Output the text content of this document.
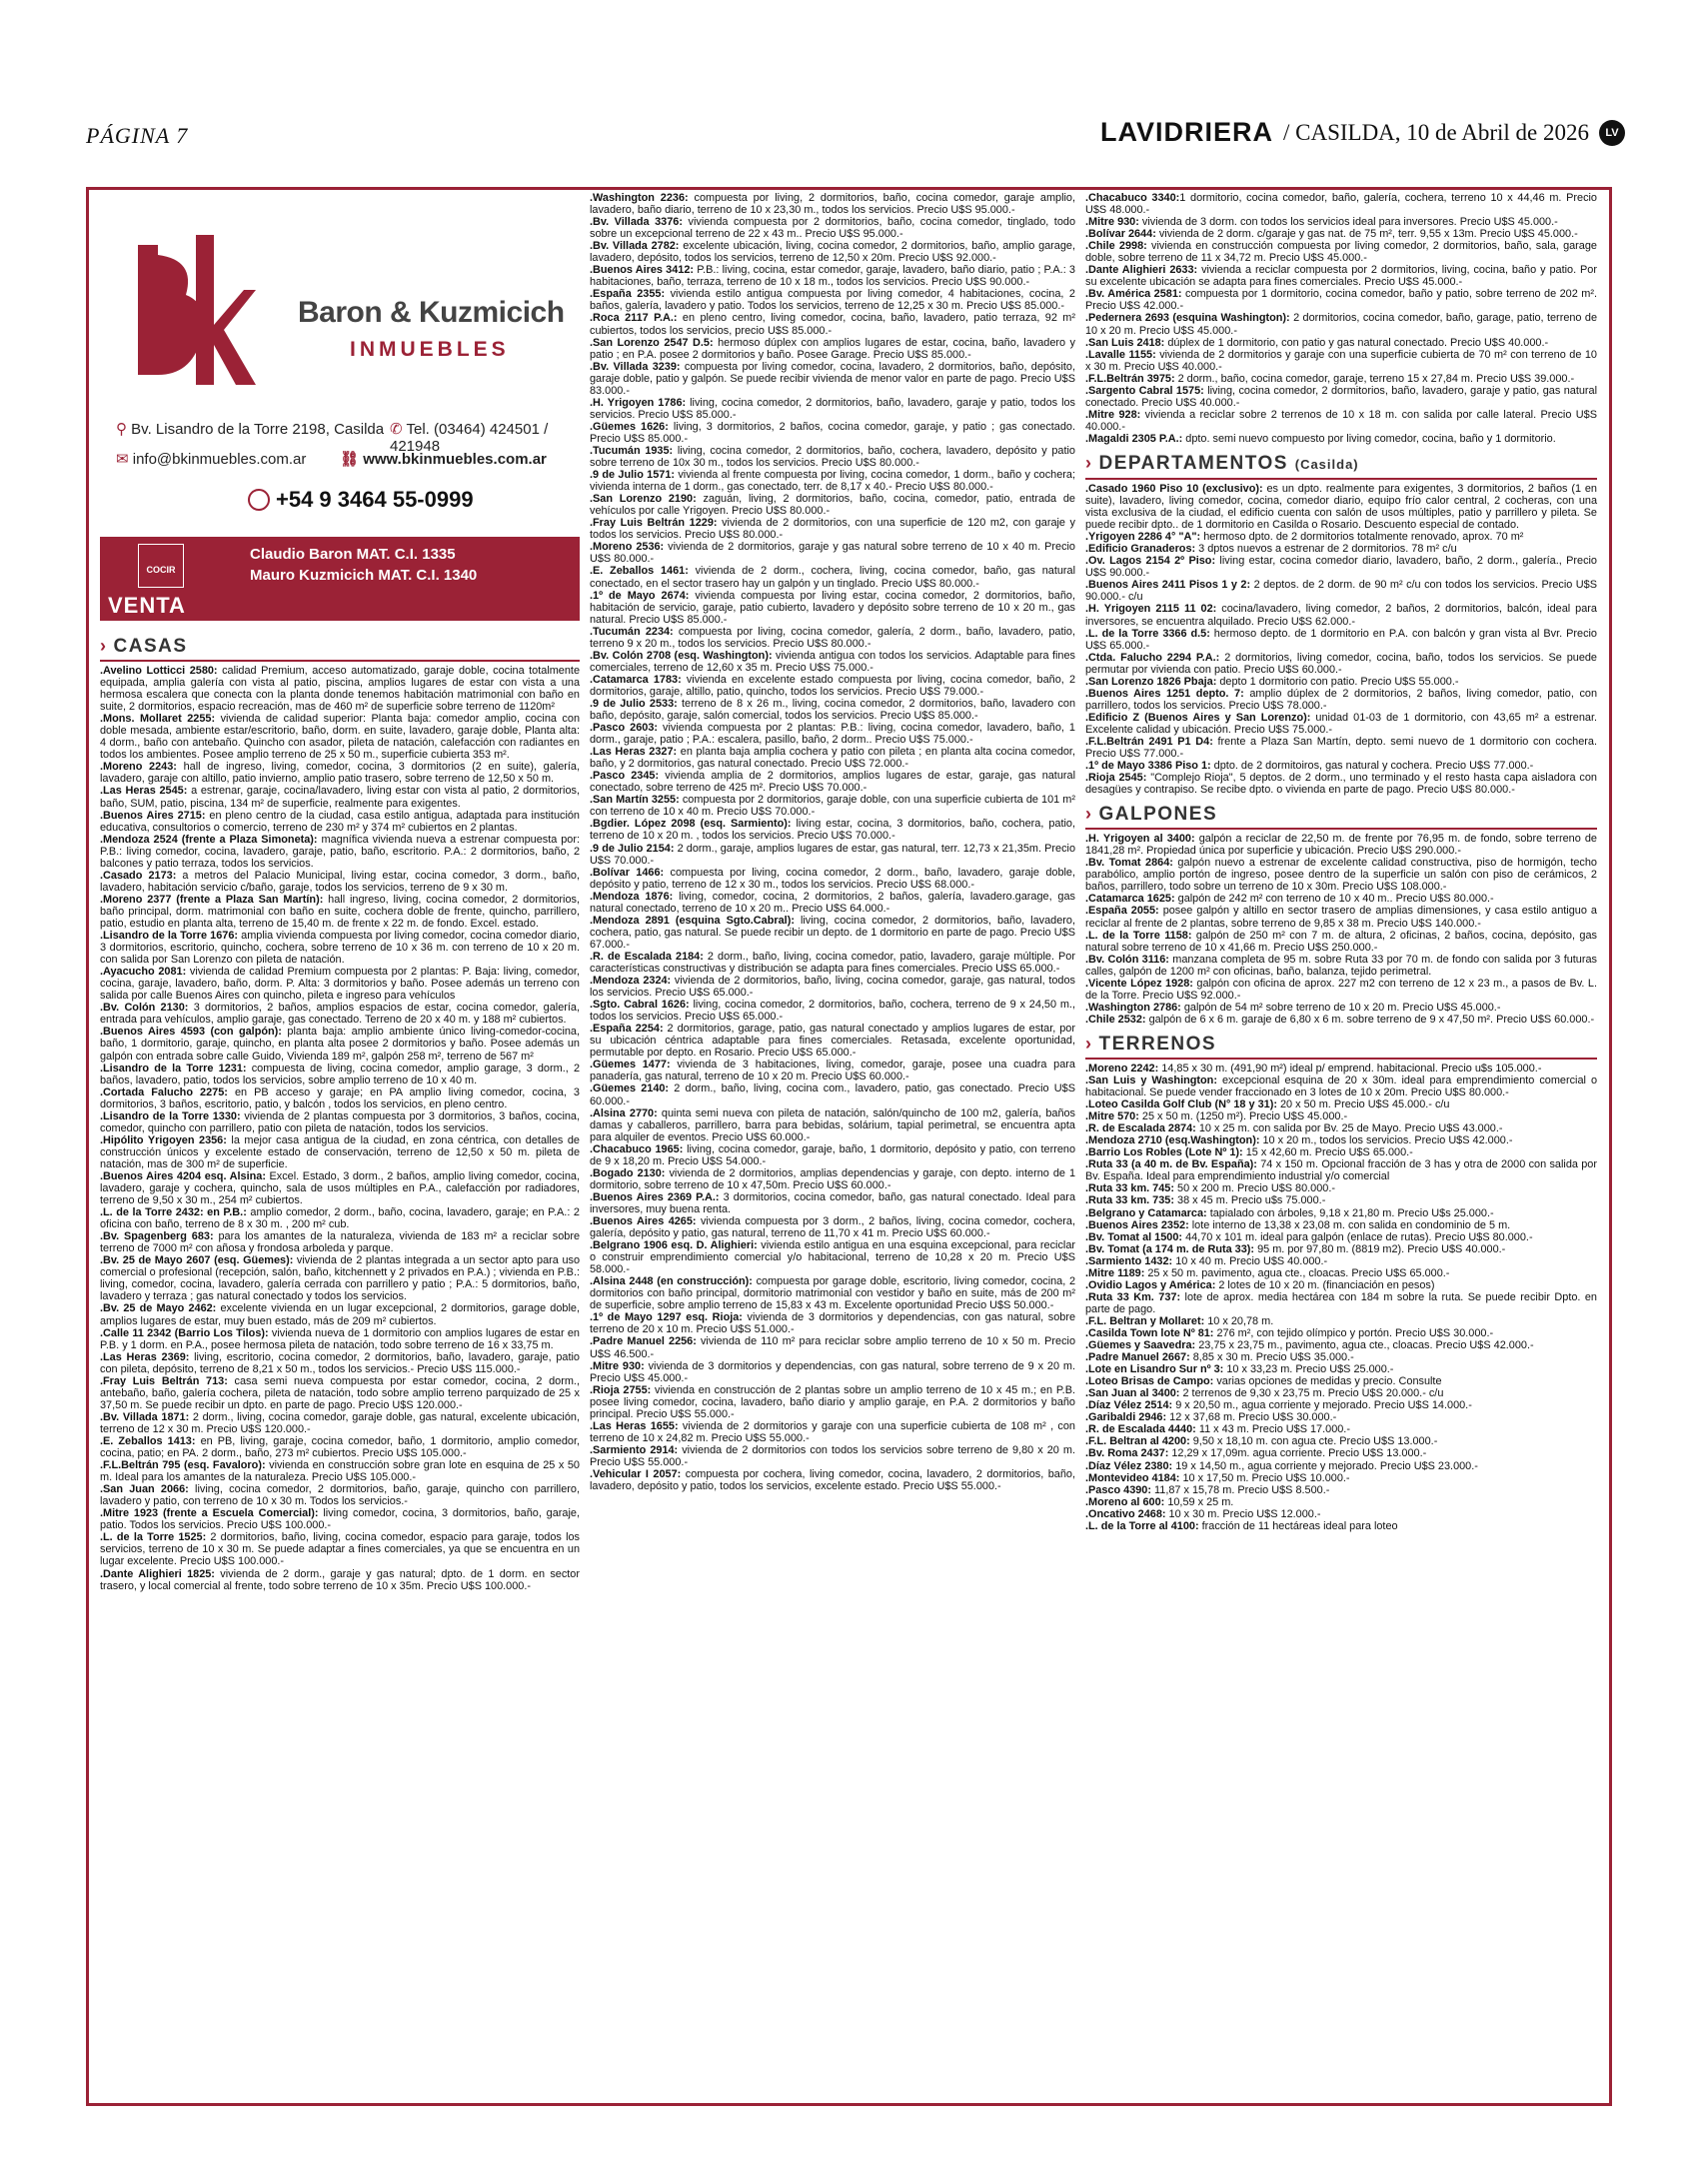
PÁGINA 7	LAVIDRIERA / CASILDA, 10 de Abril de 2026	LV
Baron & Kuzmicich
INMUEBLES
⚲ Bv. Lisandro de la Torre 2198, Casilda ✆ Tel. (03464) 424501 / 421948
✉ info@bkinmuebles.com.ar ⛓ www.bkinmuebles.com.ar
+54 9 3464 55-0999
COCIR
Claudio Baron MAT. C.I. 1335
Mauro Kuzmicich MAT. C.I. 1340
VENTA
› CASAS

.Avelino Lotticci 2580: calidad Premium, acceso automatizado, garaje doble, cocina totalmente equipada, amplia galería con vista al patio, piscina, amplios lugares de estar con vista a una hermosa escalera que conecta con la planta donde tenemos habitación matrimonial con baño en suite, 2 dormitorios, espacio recreación, mas de 460 m² de superficie sobre terreno de 1120m²

.Mons. Mollaret 2255: vivienda de calidad superior: Planta baja: comedor amplio, cocina con doble mesada, ambiente estar/escritorio, baño, dorm. en suite, lavadero, garaje doble, Planta alta: 4 dorm., baño con antebaño. Quincho con asador, pileta de natación, calefacción con radiantes en todos los ambientes. Posee amplio terreno de 25 x 50 m., superficie cubierta 353 m².

.Moreno 2243: hall de ingreso, living, comedor, cocina, 3 dormitorios (2 en suite), galería, lavadero, garaje con altillo, patio invierno, amplio patio trasero, sobre terreno de 12,50 x 50 m.

.Las Heras 2545: a estrenar, garaje, cocina/lavadero, living estar con vista al patio, 2 dormitorios, baño, SUM, patio, piscina, 134 m² de superficie, realmente para exigentes.

.Buenos Aires 2715: en pleno centro de la ciudad, casa estilo antigua, adaptada para institución educativa, consultorios o comercio, terreno de 230 m² y 374 m² cubiertos en 2 plantas.

.Mendoza 2524 (frente a Plaza Simoneta): magnífica vivienda nueva a estrenar compuesta por: P.B.: living comedor, cocina, lavadero, garaje, patio, baño, escritorio. P.A.: 2 dormitorios, baño, 2 balcones y patio terraza, todos los servicios.

.Casado 2173: a metros del Palacio Municipal, living estar, cocina comedor, 3 dorm., baño, lavadero, habitación servicio c/baño, garaje, todos los servicios, terreno de 9 x 30 m.

.Moreno 2377 (frente a Plaza San Martín): hall ingreso, living, cocina comedor, 2 dormitorios, baño principal, dorm. matrimonial con baño en suite, cochera doble de frente, quincho, parrillero, patio, estudio en planta alta, terreno de 15,40 m. de frente x 22 m. de fondo. Excel. estado.

.Lisandro de la Torre 1676: amplia vivienda compuesta por living comedor, cocina comedor diario, 3 dormitorios, escritorio, quincho, cochera, sobre terreno de 10 x 36 m. con terreno de 10 x 20 m. con salida por San Lorenzo con pileta de natación.

.Ayacucho 2081: vivienda de calidad Premium compuesta por 2 plantas: P. Baja: living, comedor, cocina, garaje, lavadero, baño, dorm. P. Alta: 3 dormitorios y baño. Posee además un terreno con salida por calle Buenos Aires con quincho, pileta e ingreso para vehículos

.Bv. Colón 2130: 3 dormitorios, 2 baños, amplios espacios de estar, cocina comedor, galería, entrada para vehículos, amplio garaje, gas conectado. Terreno de 20 x 40 m. y 188 m² cubiertos.

.Buenos Aires 4593 (con galpón): planta baja: amplio ambiente único living-comedor-cocina, baño, 1 dormitorio, garaje, quincho, en planta alta posee 2 dormitorios y baño. Posee además un galpón con entrada sobre calle Guido, Vivienda 189 m², galpón 258 m², terreno de 567 m²

.Lisandro de la Torre 1231: compuesta de living, cocina comedor, amplio garage, 3 dorm., 2 baños, lavadero, patio, todos los servicios, sobre amplio terreno de 10 x 40 m.

.Cortada Falucho 2275: en PB acceso y garaje; en PA amplio living comedor, cocina, 3 dormitorios, 3 baños, escritorio, patio, y balcón , todos los servicios, en pleno centro.

.Lisandro de la Torre 1330: vivienda de 2 plantas compuesta por 3 dormitorios, 3 baños, cocina, comedor, quincho con parrillero, patio con pileta de natación, todos los servicios.

.Hipólito Yrigoyen 2356: la mejor casa antigua de la ciudad, en zona céntrica, con detalles de construcción únicos y excelente estado de conservación, terreno de 12,50 x 50 m. pileta de natación, mas de 300 m² de superficie.

.Buenos Aires 4204 esq. Alsina: Excel. Estado, 3 dorm., 2 baños, amplio living comedor, cocina, lavadero, garaje y cochera, quincho, sala de usos múltiples en P.A., calefacción por radiadores, terreno de 9,50 x 30 m., 254 m² cubiertos.

.L. de la Torre 2432: en P.B.: amplio comedor, 2 dorm., baño, cocina, lavadero, garaje; en P.A.: 2 oficina con baño, terreno de 8 x 30 m. , 200 m² cub.

.Bv. Spagenberg 683: para los amantes de la naturaleza, vivienda de 183 m² a reciclar sobre terreno de 7000 m² con añosa y frondosa arboleda y parque.

.Bv. 25 de Mayo 2607 (esq. Güemes): vivienda de 2 plantas integrada a un sector apto para uso comercial o profesional (recepción, salón, baño, kitchennett y 2 privados en P.A.) ; vivienda en P.B.: living, comedor, cocina, lavadero, galería cerrada con parrillero y patio ; P.A.: 5 dormitorios, baño, lavadero y terraza ; gas natural conectado y todos los servicios.

.Bv. 25 de Mayo 2462: excelente vivienda en un lugar excepcional, 2 dormitorios, garage doble, amplios lugares de estar, muy buen estado, más de 209 m² cubiertos.

.Calle 11 2342 (Barrio Los Tilos): vivienda nueva de 1 dormitorio con amplios lugares de estar en P.B. y 1 dorm. en P.A., posee hermosa pileta de natación, todo sobre terreno de 16 x 33,75 m.

.Las Heras 2369: living, escritorio, cocina comedor, 2 dormitorios, baño, lavadero, garaje, patio con pileta, depósito, terreno de 8,21 x 50 m., todos los servicios.- Precio U$S 115.000.-

.Fray Luis Beltrán 713: casa semi nueva compuesta por estar comedor, cocina, 2 dorm., antebaño, baño, galería cochera, pileta de natación, todo sobre amplio terreno parquizado de 25 x 37,50 m. Se puede recibir un dpto. en parte de pago. Precio U$S 120.000.-

.Bv. Villada 1871: 2 dorm., living, cocina comedor, garaje doble, gas natural, excelente ubicación, terreno de 12 x 30 m. Precio U$S 120.000.-

.E. Zeballos 1413: en PB, living, garaje, cocina comedor, baño, 1 dormitorio, amplio comedor, cocina, patio; en PA. 2 dorm., baño, 273 m² cubiertos. Precio U$S 105.000.-

.F.L.Beltrán 795 (esq. Favaloro): vivienda en construcción sobre gran lote en esquina de 25 x 50 m. Ideal para los amantes de la naturaleza. Precio U$S 105.000.-

.San Juan 2066: living, cocina comedor, 2 dormitorios, baño, garaje, quincho con parrillero, lavadero y patio, con terreno de 10 x 30 m. Todos los servicios.-

.Mitre 1923 (frente a Escuela Comercial): living comedor, cocina, 3 dormitorios, baño, garaje, patio. Todos los servicios. Precio U$S 100.000.-

.L. de la Torre 1525: 2 dormitorios, baño, living, cocina comedor, espacio para garaje, todos los servicios, terreno de 10 x 30 m. Se puede adaptar a fines comerciales, ya que se encuentra en un lugar excelente. Precio U$S 100.000.-

.Dante Alighieri 1825: vivienda de 2 dorm., garaje y gas natural; dpto. de 1 dorm. en sector trasero, y local comercial al frente, todo sobre terreno de 10 x 35m. Precio U$S 100.000.-

.Washington 2236: compuesta por living, 2 dormitorios, baño, cocina comedor, garaje amplio, lavadero, baño diario, terreno de 10 x 23,30 m., todos los servicios. Precio U$S 95.000.-

.Bv. Villada 3376: vivienda compuesta por 2 dormitorios, baño, cocina comedor, tinglado, todo sobre un excepcional terreno de 22 x 43 m.. Precio U$S 95.000.-

.Bv. Villada 2782: excelente ubicación, living, cocina comedor, 2 dormitorios, baño, amplio garage, lavadero, depósito, todos los servicios, terreno de 12,50 x 20m. Precio U$S 92.000.-

.Buenos Aires 3412: P.B.: living, cocina, estar comedor, garaje, lavadero, baño diario, patio ; P.A.: 3 habitaciones, baño, terraza, terreno de 10 x 18 m., todos los servicios. Precio U$S 90.000.-

.España 2355: vivienda estilo antigua compuesta por living comedor, 4 habitaciones, cocina, 2 baños, galería, lavadero y patio. Todos los servicios, terreno de 12,25 x 30 m. Precio U$S 85.000.-

.Roca 2117 P.A.: en pleno centro, living comedor, cocina, baño, lavadero, patio terraza, 92 m² cubiertos, todos los servicios, precio U$S 85.000.-

.San Lorenzo 2547 D.5: hermoso dúplex con amplios lugares de estar, cocina, baño, lavadero y patio ; en P.A. posee 2 dormitorios y baño. Posee Garage. Precio U$S 85.000.-

.Bv. Villada 3239: compuesta por living comedor, cocina, lavadero, 2 dormitorios, baño, depósito, garaje doble, patio y galpón. Se puede recibir vivienda de menor valor en parte de pago. Precio U$S 83.000.-

.H. Yrigoyen 1786: living, cocina comedor, 2 dormitorios, baño, lavadero, garaje y patio, todos los servicios. Precio U$S 85.000.-

.Güemes 1626: living, 3 dormitorios, 2 baños, cocina comedor, garaje, y patio ; gas conectado. Precio U$S 85.000.-

.Tucumán 1935: living, cocina comedor, 2 dormitorios, baño, cochera, lavadero, depósito y patio sobre terreno de 10x 30 m., todos los servicios. Precio U$S 80.000.-

.9 de Julio 1571: vivienda al frente compuesta por living, cocina comedor, 1 dorm., baño y cochera; vivienda interna de 1 dorm., gas conectado, terr. de 8,17 x 40.- Precio U$S 80.000.-

.San Lorenzo 2190: zaguán, living, 2 dormitorios, baño, cocina, comedor, patio, entrada de vehículos por calle Yrigoyen. Precio U$S 80.000.-

.Fray Luis Beltrán 1229: vivienda de 2 dormitorios, con una superficie de 120 m2, con garaje y todos los servicios. Precio U$S 80.000.-

.Moreno 2536: vivienda de 2 dormitorios, garaje y gas natural sobre terreno de 10 x 40 m. Precio U$S 80.000.-

.E. Zeballos 1461: vivienda de 2 dorm., cochera, living, cocina comedor, baño, gas natural conectado, en el sector trasero hay un galpón y un tinglado. Precio U$S 80.000.-

.1º de Mayo 2674: vivienda compuesta por living estar, cocina comedor, 2 dormitorios, baño, habitación de servicio, garaje, patio cubierto, lavadero y depósito sobre terreno de 10 x 20 m., gas natural. Precio U$S 85.000.-

.Tucumán 2234: compuesta por living, cocina comedor, galería, 2 dorm., baño, lavadero, patio, terreno 9 x 20 m., todos los servicios. Precio U$S 80.000.-

.Bv. Colón 2708 (esq. Washington): vivienda antigua con todos los servicios. Adaptable para fines comerciales, terreno de 12,60 x 35 m. Precio U$S 75.000.-

.Catamarca 1783: vivienda en excelente estado compuesta por living, cocina comedor, baño, 2 dormitorios, garaje, altillo, patio, quincho, todos los servicios. Precio U$S 79.000.-

.9 de Julio 2533: terreno de 8 x 26 m., living, cocina comedor, 2 dormitorios, baño, lavadero con baño, depósito, garaje, salón comercial, todos los servicios. Precio U$S 85.000.-

.Pasco 2603: vivienda compuesta por 2 plantas: P.B.: living, cocina comedor, lavadero, baño, 1 dorm., garaje, patio ; P.A.: escalera, pasillo, baño, 2 dorm.. Precio U$S 75.000.-

.Las Heras 2327: en planta baja amplia cochera y patio con pileta ; en planta alta cocina comedor, baño, y 2 dormitorios, gas natural conectado. Precio U$S 72.000.-

.Pasco 2345: vivienda amplia de 2 dormitorios, amplios lugares de estar, garaje, gas natural conectado, sobre terreno de 425 m². Precio U$S 70.000.-

.San Martín 3255: compuesta por 2 dormitorios, garaje doble, con una superficie cubierta de 101 m² con terreno de 10 x 40 m. Precio U$S 70.000.-

.Bgdier. López 2098 (esq. Sarmiento): living estar, cocina, 3 dormitorios, baño, cochera, patio, terreno de 10 x 20 m. , todos los servicios. Precio U$S 70.000.-

.9 de Julio 2154: 2 dorm., garaje, amplios lugares de estar, gas natural, terr. 12,73 x 21,35m. Precio U$S 70.000.-

.Bolívar 1466: compuesta por living, cocina comedor, 2 dorm., baño, lavadero, garaje doble, depósito y patio, terreno de 12 x 30 m., todos los servicios. Precio U$S 68.000.-

.Mendoza 1876: living, comedor, cocina, 2 dormitorios, 2 baños, galería, lavadero.garage, gas natural conectado, terreno de 10 x 20 m.. Precio U$S 64.000.-

.Mendoza 2891 (esquina Sgto.Cabral): living, cocina comedor, 2 dormitorios, baño, lavadero, cochera, patio, gas natural. Se puede recibir un depto. de 1 dormitorio en parte de pago. Precio U$S 67.000.-

.R. de Escalada 2184: 2 dorm., baño, living, cocina comedor, patio, lavadero, garaje múltiple. Por características constructivas y distribución se adapta para fines comerciales. Precio U$S 65.000.-

.Mendoza 2324: vivienda de 2 dormitorios, baño, living, cocina comedor, garaje, gas natural, todos los servicios. Precio U$S 65.000.-

.Sgto. Cabral 1626: living, cocina comedor, 2 dormitorios, baño, cochera, terreno de 9 x 24,50 m., todos los servicios. Precio U$S 65.000.-

.España 2254: 2 dormitorios, garage, patio, gas natural conectado y amplios lugares de estar, por su ubicación céntrica adaptable para fines comerciales. Retasada, excelente oportunidad, permutable por depto. en Rosario. Precio U$S 65.000.-

.Güemes 1477: vivienda de 3 habitaciones, living, comedor, garaje, posee una cuadra para panadería, gas natural, terreno de 10 x 20 m. Precio U$S 60.000.-

.Güemes 2140: 2 dorm., baño, living, cocina com., lavadero, patio, gas conectado. Precio U$S 60.000.-

.Alsina 2770: quinta semi nueva con pileta de natación, salón/quincho de 100 m2, galería, baños damas y caballeros, parrillero, barra para bebidas, solárium, tapial perimetral, se encuentra apta para alquiler de eventos. Precio U$S 60.000.-

.Chacabuco 1965: living, cocina comedor, garaje, baño, 1 dormitorio, depósito y patio, con terreno de 9 x 18,20 m. Precio U$S 54.000.-

.Bogado 2130: vivienda de 2 dormitorios, amplias dependencias y garaje, con depto. interno de 1 dormitorio, sobre terreno de 10 x 47,50m. Precio U$S 60.000.-

.Buenos Aires 2369 P.A.: 3 dormitorios, cocina comedor, baño, gas natural conectado. Ideal para inversores, muy buena renta.

.Buenos Aires 4265: vivienda compuesta por 3 dorm., 2 baños, living, cocina comedor, cochera, galería, depósito y patio, gas natural, terreno de 11,70 x 41 m. Precio U$S 60.000.-

.Belgrano 1906 esq. D. Alighieri: vivienda estilo antigua en una esquina excepcional, para reciclar o construir emprendimiento comercial y/o habitacional, terreno de 10,28 x 20 m. Precio U$S 58.000.-

.Alsina 2448 (en construcción): compuesta por garage doble, escritorio, living comedor, cocina, 2 dormitorios con baño principal, dormitorio matrimonial con vestidor y baño en suite, más de 200 m² de superficie, sobre amplio terreno de 15,83 x 43 m. Excelente oportunidad Precio U$S 50.000.-

.1º de Mayo 1297 esq. Rioja: vivienda de 3 dormitorios y dependencias, con gas natural, sobre terreno de 20 x 10 m. Precio U$S 51.000.-

.Padre Manuel 2256: vivienda de 110 m² para reciclar sobre amplio terreno de 10 x 50 m. Precio U$S 46.500.-

.Mitre 930: vivienda de 3 dormitorios y dependencias, con gas natural, sobre terreno de 9 x 20 m. Precio U$S 45.000.-

.Rioja 2755: vivienda en construcción de 2 plantas sobre un amplio terreno de 10 x 45 m.; en P.B. posee living comedor, cocina, lavadero, baño diario y amplio garaje, en P.A. 2 dormitorios y baño principal. Precio U$S 55.000.-

.Las Heras 1655: vivienda de 2 dormitorios y garaje con una superficie cubierta de 108 m² , con terreno de 10 x 24,82 m. Precio U$S 55.000.-

.Sarmiento 2914: vivienda de 2 dormitorios con todos los servicios sobre terreno de 9,80 x 20 m. Precio U$S 55.000.-

.Vehicular I 2057: compuesta por cochera, living comedor, cocina, lavadero, 2 dormitorios, baño, lavadero, depósito y patio, todos los servicios, excelente estado. Precio U$S 55.000.-

.Chacabuco 3340:1 dormitorio, cocina comedor, baño, galería, cochera, terreno 10 x 44,46 m. Precio U$S 48.000.-

.Mitre 930: vivienda de 3 dorm. con todos los servicios ideal para inversores. Precio U$S 45.000.-

.Bolívar 2644: vivienda de 2 dorm. c/garaje y gas nat. de 75 m², terr. 9,55 x 13m. Precio U$S 45.000.-

.Chile 2998: vivienda en construcción compuesta por living comedor, 2 dormitorios, baño, sala, garage doble, sobre terreno de 11 x 34,72 m. Precio U$S 45.000.-

.Dante Alighieri 2633: vivienda a reciclar compuesta por 2 dormitorios, living, cocina, baño y patio. Por su excelente ubicación se adapta para fines comerciales. Precio U$S 45.000.-

.Bv. América 2581: compuesta por 1 dormitorio, cocina comedor, baño y patio, sobre terreno de 202 m². Precio U$S 42.000.-

.Pedernera 2693 (esquina Washington): 2 dormitorios, cocina comedor, baño, garage, patio, terreno de 10 x 20 m. Precio U$S 45.000.-

.San Luis 2418: dúplex de 1 dormitorio, con patio y gas natural conectado. Precio U$S 40.000.-

.Lavalle 1155: vivienda de 2 dormitorios y garaje con una superficie cubierta de 70 m² con terreno de 10 x 30 m. Precio U$S 40.000.-

.F.L.Beltrán 3975: 2 dorm., baño, cocina comedor, garaje, terreno 15 x 27,84 m. Precio U$S 39.000.-

.Sargento Cabral 1575: living, cocina comedor, 2 dormitorios, baño, lavadero, garaje y patio, gas natural conectado. Precio U$S 40.000.-

.Mitre 928: vivienda a reciclar sobre 2 terrenos de 10 x 18 m. con salida por calle lateral. Precio U$S 40.000.-

.Magaldi 2305 P.A.: dpto. semi nuevo compuesto por living comedor, cocina, baño y 1 dormitorio.

› DEPARTAMENTOS (Casilda)

.Casado 1960 Piso 10 (exclusivo): es un dpto. realmente para exigentes, 3 dormitorios, 2 baños (1 en suite), lavadero, living comedor, cocina, comedor diario, equipo frío calor central, 2 cocheras, con una vista exclusiva de la ciudad, el edificio cuenta con salón de usos múltiples, patio y parrillero y pileta. Se puede recibir dpto.. de 1 dormitorio en Casilda o Rosario. Descuento especial de contado.

.Yrigoyen 2286 4° "A": hermoso dpto. de 2 dormitorios totalmente renovado, aprox. 70 m²

.Edificio Granaderos: 3 dptos nuevos a estrenar de 2 dormitorios. 78 m² c/u

.Ov. Lagos 2154 2º Piso: living estar, cocina comedor diario, lavadero, baño, 2 dorm., galería., Precio U$S 90.000.-

.Buenos Aires 2411 Pisos 1 y 2: 2 deptos. de 2 dorm. de 90 m² c/u con todos los servicios. Precio U$S 90.000.- c/u

.H. Yrigoyen 2115 11 02: cocina/lavadero, living comedor, 2 baños, 2 dormitorios, balcón, ideal para inversores, se encuentra alquilado. Precio U$S 62.000.-

.L. de la Torre 3366 d.5: hermoso depto. de 1 dormitorio en P.A. con balcón y gran vista al Bvr. Precio U$S 65.000.-

.Ctda. Falucho 2294 P.A.: 2 dormitorios, living comedor, cocina, baño, todos los servicios. Se puede permutar por vivienda con patio. Precio U$S 60.000.-

.San Lorenzo 1826 Pbaja: depto 1 dormitorio con patio. Precio U$S 55.000.-

.Buenos Aires 1251 depto. 7: amplio dúplex de 2 dormitorios, 2 baños, living comedor, patio, con parrillero, todos los servicios. Precio U$S 78.000.-

.Edificio Z (Buenos Aires y San Lorenzo): unidad 01-03 de 1 dormitorio, con 43,65 m² a estrenar. Excelente calidad y ubicación. Precio U$S 75.000.-

.F.L.Beltrán 2491 P1 D4: frente a Plaza San Martín, depto. semi nuevo de 1 dormitorio con cochera. Precio U$S 77.000.-

.1º de Mayo 3386 Piso 1: dpto. de 2 dormitoiros, gas natural y cochera. Precio U$S 77.000.-

.Rioja 2545: "Complejo Rioja", 5 deptos. de 2 dorm., uno terminado y el resto hasta capa aisladora con desagües y contrapiso. Se recibe dpto. o vivienda en parte de pago. Precio U$S 80.000.-

› GALPONES

.H. Yrigoyen al 3400: galpón a reciclar de 22,50 m. de frente por 76,95 m. de fondo, sobre terreno de 1841,28 m². Propiedad única por superficie y ubicación. Precio U$S 290.000.-

.Bv. Tomat 2864: galpón nuevo a estrenar de excelente calidad constructiva, piso de hormigón, techo parabólico, amplio portón de ingreso, posee dentro de la superficie un salón con piso de cerámicos, 2 baños, parrillero, todo sobre un terreno de 10 x 30m. Precio U$S 108.000.-

.Catamarca 1625: galpón de 242 m² con terreno de 10 x 40 m.. Precio U$S 80.000.-

.España 2055: posee galpón y altillo en sector trasero de amplias dimensiones, y casa estilo antiguo a reciclar al frente de 2 plantas, sobre terreno de 9,85 x 38 m. Precio U$S 140.000.-

.L. de la Torre 1158: galpón de 250 m² con 7 m. de altura, 2 oficinas, 2 baños, cocina, depósito, gas natural sobre terreno de 10 x 41,66 m. Precio U$S 250.000.-

.Bv. Colón 3116: manzana completa de 95 m. sobre Ruta 33 por 70 m. de fondo con salida por 3 futuras calles, galpón de 1200 m² con oficinas, baño, balanza, tejido perimetral.

.Vicente López 1928: galpón con oficina de aprox. 227 m2 con terreno de 12 x 23 m., a pasos de Bv. L. de la Torre. Precio U$S 92.000.-

.Washington 2786: galpón de 54 m² sobre terreno de 10 x 20 m. Precio U$S 45.000.-

.Chile 2532: galpón de 6 x 6 m. garaje de 6,80 x 6 m. sobre terreno de 9 x 47,50 m². Precio U$S 60.000.-

› TERRENOS

.Moreno 2242: 14,85 x 30 m. (491,90 m²) ideal p/ emprend. habitacional. Precio u$s 105.000.-

.San Luis y Washington: excepcional esquina de 20 x 30m. ideal para emprendimiento comercial o habitacional. Se puede vender fraccionado en 3 lotes de 10 x 20m. Precio U$S 80.000.-

.Loteo Casilda Golf Club (N° 18 y 31): 20 x 50 m. Precio U$S 45.000.- c/u

.Mitre 570: 25 x 50 m. (1250 m²). Precio U$S 45.000.-

.R. de Escalada 2874: 10 x 25 m. con salida por Bv. 25 de Mayo. Precio U$S 43.000.-

.Mendoza 2710 (esq.Washington): 10 x 20 m., todos los servicios. Precio U$S 42.000.-

.Barrio Los Robles (Lote Nº 1): 15 x 42,60 m. Precio U$S 65.000.-

.Ruta 33 (a 40 m. de Bv. España): 74 x 150 m. Opcional fracción de 3 has y otra de 2000 con salida por Bv. España. Ideal para emprendimiento industrial y/o comercial

.Ruta 33 km. 745: 50 x 200 m. Precio U$S 80.000.-

.Ruta 33 km. 735: 38 x 45 m. Precio u$s 75.000.-

.Belgrano y Catamarca: tapialado con árboles, 9,18 x 21,80 m. Precio U$s 25.000.-

.Buenos Aires 2352: lote interno de 13,38 x 23,08 m. con salida en condominio de 5 m.

.Bv. Tomat al 1500: 44,70 x 101 m. ideal para galpón (enlace de rutas). Precio U$S 80.000.-

.Bv. Tomat (a 174 m. de Ruta 33): 95 m. por 97,80 m. (8819 m2). Precio U$S 40.000.-

.Sarmiento 1432: 10 x 40 m. Precio U$S 40.000.-

.Mitre 1189: 25 x 50 m. pavimento, agua cte., cloacas. Precio U$S 65.000.-

.Ovidio Lagos y América: 2 lotes de 10 x 20 m. (financiación en pesos)

.Ruta 33 Km. 737: lote de aprox. media hectárea con 184 m sobre la ruta. Se puede recibir Dpto. en parte de pago.

.F.L. Beltran y Mollaret: 10 x 20,78 m.

.Casilda Town lote Nº 81: 276 m², con tejido olímpico y portón. Precio U$S 30.000.-

.Güemes y Saavedra: 23,75 x 23,75 m., pavimento, agua cte., cloacas. Precio U$S 42.000.-

.Padre Manuel 2667: 8,85 x 30 m. Precio U$S 35.000.-

.Lote en Lisandro Sur nº 3: 10 x 33,23 m. Precio U$S 25.000.-

.Loteo Brisas de Campo: varias opciones de medidas y precio. Consulte

.San Juan al 3400: 2 terrenos de 9,30 x 23,75 m. Precio U$S 20.000.- c/u

.Díaz Vélez 2514: 9 x 20,50 m., agua corriente y mejorado. Precio U$S 14.000.-

.Garibaldi 2946: 12 x 37,68 m. Precio U$S 30.000.-

.R. de Escalada 4440: 11 x 43 m. Precio U$S 17.000.-

.F.L. Beltran al 4200: 9,50 x 18,10 m. con agua cte. Precio U$S 13.000.-

.Bv. Roma 2437: 12,29 x 17,09m. agua corriente. Precio U$S 13.000.-

.Díaz Vélez 2380: 19 x 14,50 m., agua corriente y mejorado. Precio U$S 23.000.-

.Montevideo 4184: 10 x 17,50 m. Precio U$S 10.000.-

.Pasco 4390: 11,87 x 15,78 m. Precio U$S 8.500.-

.Moreno al 600: 10,59 x 25 m.

.Oncativo 2468: 10 x 30 m. Precio U$S 12.000.-

.L. de la Torre al 4100: fracción de 11 hectáreas ideal para loteo
